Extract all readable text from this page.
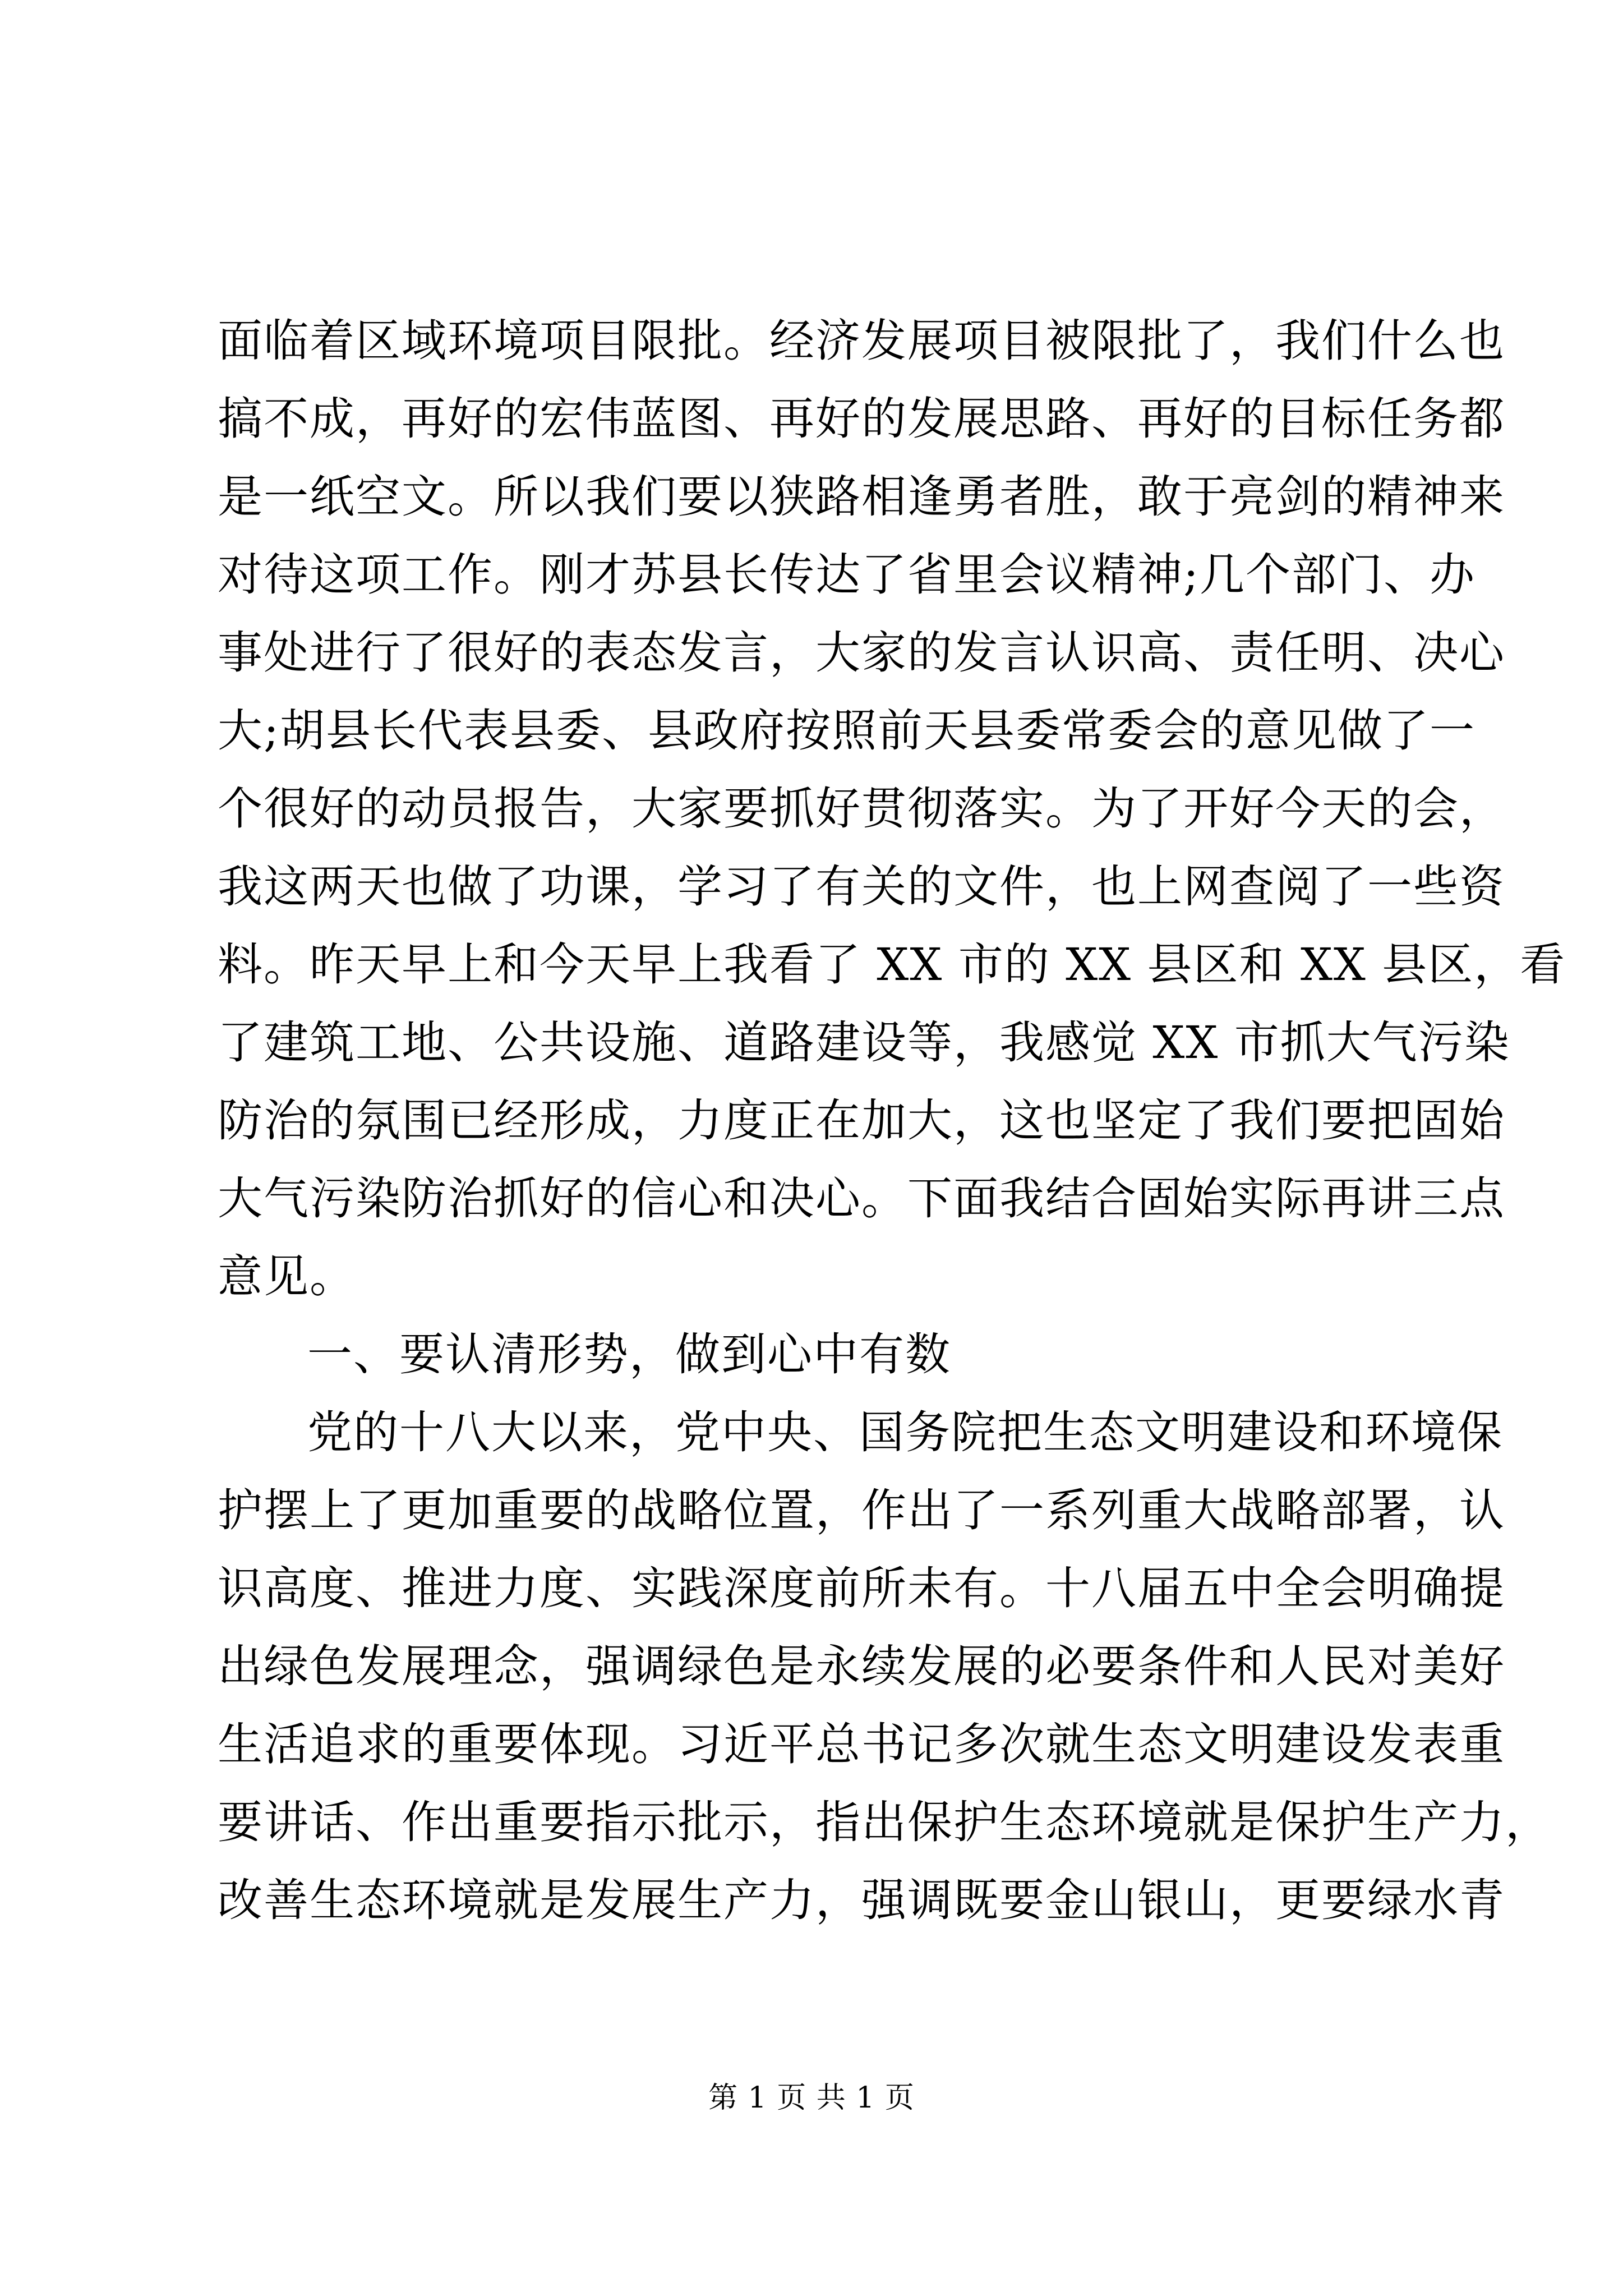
面临着区域环境项目限批。经济发展项目被限批了，我们什么也
搞不成，再好的宏伟蓝图、再好的发展思路、再好的目标任务都
是一纸空文。所以我们要以狭路相逢勇者胜，敢于亮剑的精神来
对待这项工作。刚才苏县长传达了省里会议精神;几个部门、办
事处进行了很好的表态发言，大家的发言认识高、责任明、决心
大;胡县长代表县委、县政府按照前天县委常委会的意见做了一
个很好的动员报告，大家要抓好贯彻落实。为了开好今天的会，
我这两天也做了功课，学习了有关的文件，也上网查阅了一些资
料。昨天早上和今天早上我看了 XX 市的 XX 县区和 XX 县区，看
了建筑工地、公共设施、道路建设等，我感觉 XX 市抓大气污染
防治的氛围已经形成，力度正在加大，这也坚定了我们要把固始
大气污染防治抓好的信心和决心。下面我结合固始实际再讲三点
意见。
一、要认清形势，做到心中有数
党的十八大以来，党中央、国务院把生态文明建设和环境保
护摆上了更加重要的战略位置，作出了一系列重大战略部署，认
识高度、推进力度、实践深度前所未有。十八届五中全会明确提
出绿色发展理念，强调绿色是永续发展的必要条件和人民对美好
生活追求的重要体现。习近平总书记多次就生态文明建设发表重
要讲话、作出重要指示批示，指出保护生态环境就是保护生产力，
改善生态环境就是发展生产力，强调既要金山银山，更要绿水青
第 1 页 共 1 页
